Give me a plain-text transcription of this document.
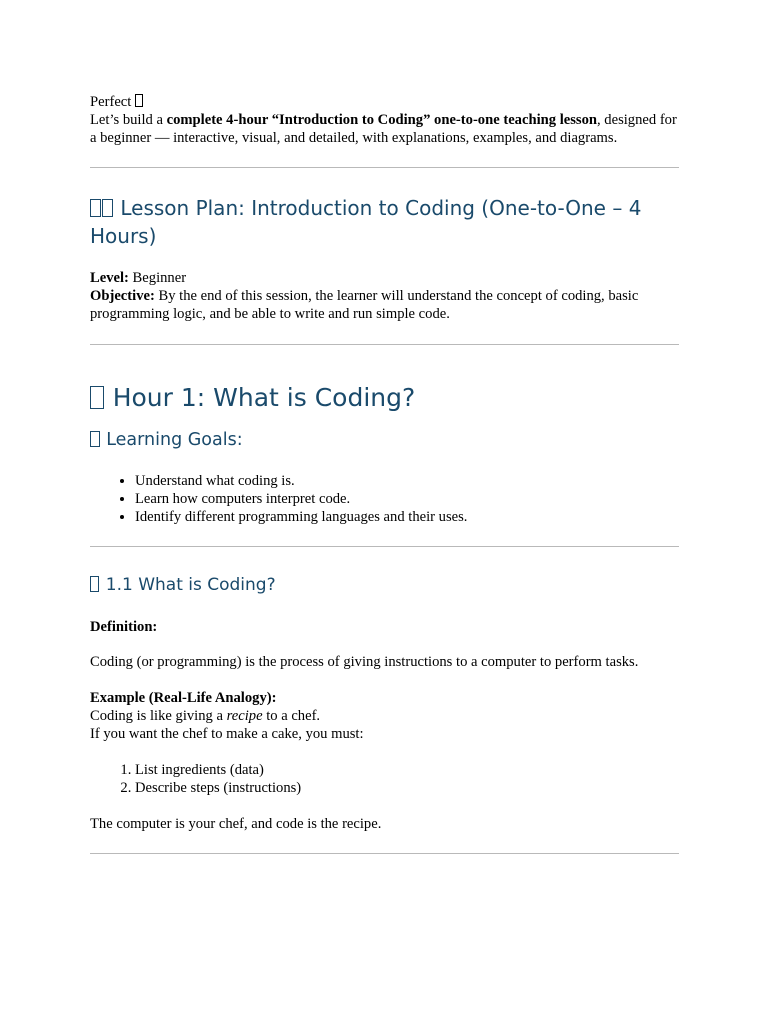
Perfect

Let’s build a complete 4-hour “Introduction to Coding” one-to-one teaching lesson, designed for a beginner — interactive, visual, and detailed, with explanations, examples, and diagrams.

Lesson Plan: Introduction to Coding (One-to-One – 4 Hours)

Level: Beginner

Objective: By the end of this session, the learner will understand the concept of coding, basic programming logic, and be able to write and run simple code.

Hour 1: What is Coding?
Learning Goals:
• Understand what coding is.
• Learn how computers interpret code.
• Identify different programming languages and their uses.
1.1 What is Coding?

Definition:

Coding (or programming) is the process of giving instructions to a computer to perform tasks.

Example (Real-Life Analogy):

Coding is like giving a recipe to a chef.

If you want the chef to make a cake, you must:

1. List ingredients (data)
2. Describe steps (instructions)

The computer is your chef, and code is the recipe.
